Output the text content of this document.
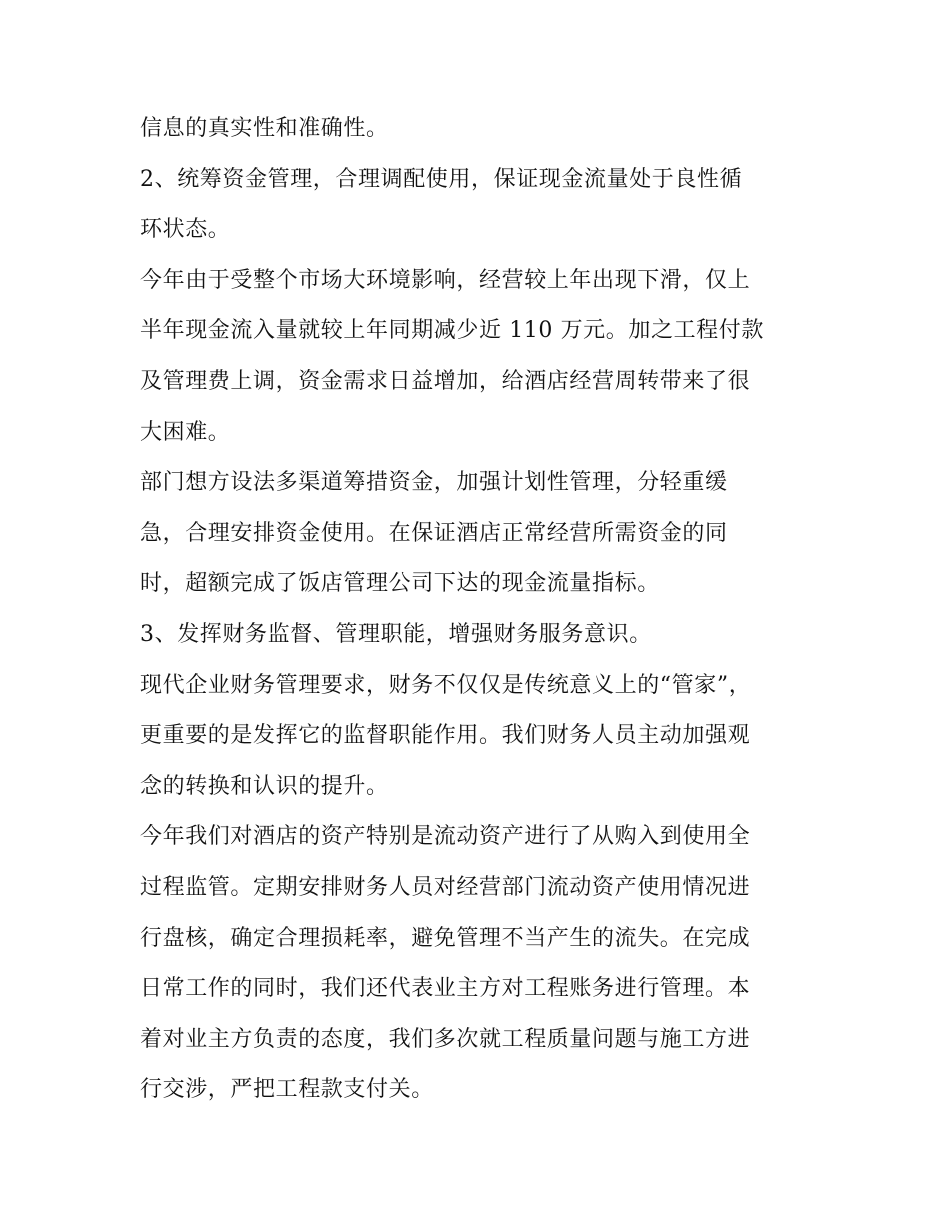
信息的真实性和准确性。
2、统筹资金管理，合理调配使用，保证现金流量处于良性循
环状态。
今年由于受整个市场大环境影响，经营较上年出现下滑，仅上
半年现金流入量就较上年同期减少近 110 万元。加之工程付款
及管理费上调，资金需求日益增加，给酒店经营周转带来了很
大困难。
部门想方设法多渠道筹措资金，加强计划性管理，分轻重缓
急，合理安排资金使用。在保证酒店正常经营所需资金的同
时，超额完成了饭店管理公司下达的现金流量指标。
3、发挥财务监督、管理职能，增强财务服务意识。
现代企业财务管理要求，财务不仅仅是传统意义上的“管家”，
更重要的是发挥它的监督职能作用。我们财务人员主动加强观
念的转换和认识的提升。
今年我们对酒店的资产特别是流动资产进行了从购入到使用全
过程监管。定期安排财务人员对经营部门流动资产使用情况进
行盘核，确定合理损耗率，避免管理不当产生的流失。在完成
日常工作的同时，我们还代表业主方对工程账务进行管理。本
着对业主方负责的态度，我们多次就工程质量问题与施工方进
行交涉，严把工程款支付关。
